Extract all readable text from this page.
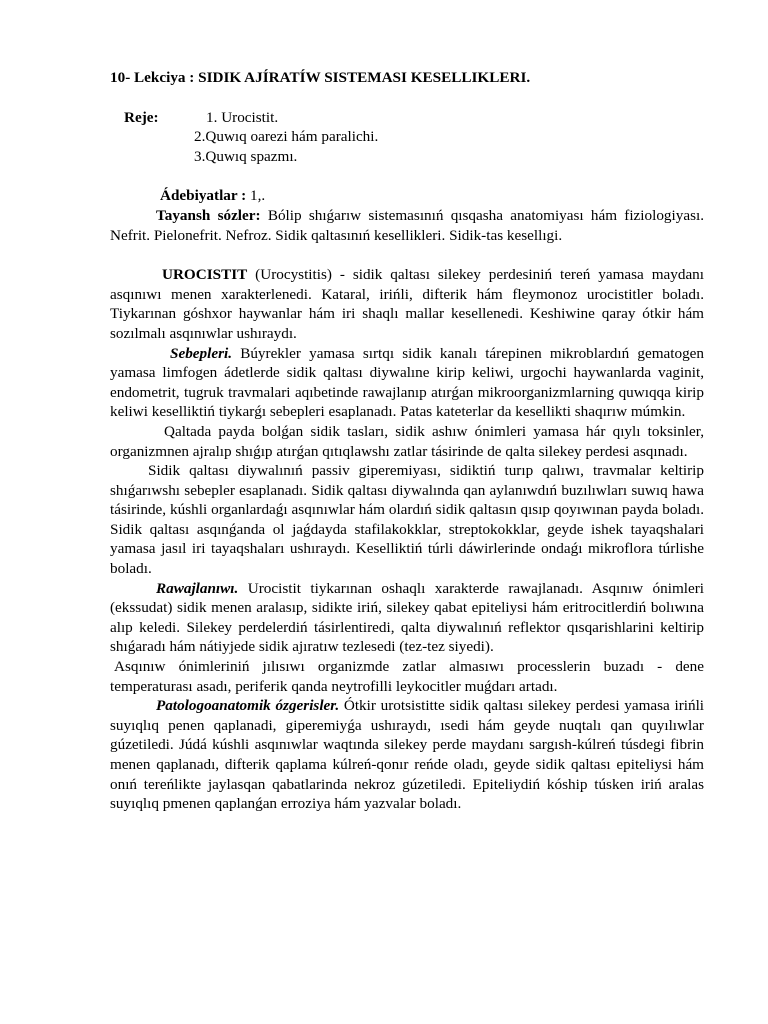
10- Lekciya : SIDIK AJÍRATÍW SISTEMASI KESELLIKLERI.
Reje:	1. Urocistit.
2.Quwıq oarezi hám paralichi.
3.Quwıq spazmı.
Ádebiyatlar : 1,.

Tayansh sózler: Bólip shıǵarıw sistemasınıń qısqasha anatomiyası hám fiziologiyası. Nefrit. Pielonefrit. Nefroz. Sidik qaltasınıń kesellikleri. Sidik-tas kesellıgi.

UROCISTIT (Urocystitis) - sidik qaltası silekey perdesiniń tereń yamasa maydanı asqınıwı menen xarakterlenedi. Kataral, irińli, difterik hám fleymonoz urocistitler boladı. Tiykarınan góshxor haywanlar hám iri shaqlı mallar kesellenedi. Keshiwine qaray ótkir hám sozılmalı asqınıwlar ushıraydı.

Sebepleri. Búyrekler yamasa sırtqı sidik kanalı tárepinen mikroblardıń gematogen yamasa limfogen ádetlerde sidik qaltası diywalıne kirip keliwi, urgochi haywanlarda vaginit, endometrit, tugruk travmalari aqıbetinde rawajlanıp atırǵan mikroorganizmlarning quwıqqa kirip keliwi keselliktiń tiykarǵı sebepleri esaplanadı. Patas kateterlar da kesellikti shaqırıw múmkin.

Qaltada payda bolǵan sidik tasları, sidik ashıw ónimleri yamasa hár qıylı toksinler, organizmnen ajralıp shıǵıp atırǵan qıtıqlawshı zatlar tásirinde de qalta silekey perdesi asqınadı.

Sidik qaltası diywalınıń passiv giperemiyası, sidiktiń turıp qalıwı, travmalar keltirip shıǵarıwshı sebepler esaplanadı. Sidik qaltası diywalında qan aylanıwdıń buzılıwları suwıq hawa tásirinde, kúshli organlardaǵı asqınıwlar hám olardıń sidik qaltasın qısıp qoyıwınan payda boladı. Sidik qaltası asqınǵanda ol jaǵdayda stafilakokklar, streptokokklar, geyde ishek tayaqshalari yamasa jasıl iri tayaqshaları ushıraydı. Keselliktiń túrli dáwirlerinde ondaǵı mikroflora túrlishe boladı.

Rawajlanıwı. Urocistit tiykarınan oshaqlı xarakterde rawajlanadı. Asqınıw ónimleri (ekssudat) sidik menen aralasıp, sidikte iriń, silekey qabat epiteliysi hám eritrocitlerdiń bolıwına alıp keledi. Silekey perdelerdiń tásirlentiredi, qalta diywalınıń reflektor qısqarishlarini keltirip shıǵaradı hám nátiyjede sidik ajıratıw tezlesedi (tez-tez siyedi).

Asqınıw ónimleriniń jılısıwı organizmde zatlar almasıwı processlerin buzadı - dene temperaturası asadı, periferik qanda neytrofilli leykocitler muǵdarı artadı.

Patologoanatomik ózgerisler. Ótkir urotsistitte sidik qaltası silekey perdesi yamasa irińli suyıqlıq penen qaplanadi, giperemiyǵa ushıraydı, ısedi hám geyde nuqtalı qan quyılıwlar gúzetiledi. Júdá kúshli asqınıwlar waqtında silekey perde maydanı sargısh-kúlreń túsdegi fibrin menen qaplanadı, difterik qaplama kúlreń-qonır reńde oladı, geyde sidik qaltası epiteliysi hám onıń tereńlikte jaylasqan qabatlarinda nekroz gúzetiledi. Epiteliydiń kóship túsken iriń aralas suyıqlıq pmenen qaplanǵan erroziya hám yazvalar boladı.
